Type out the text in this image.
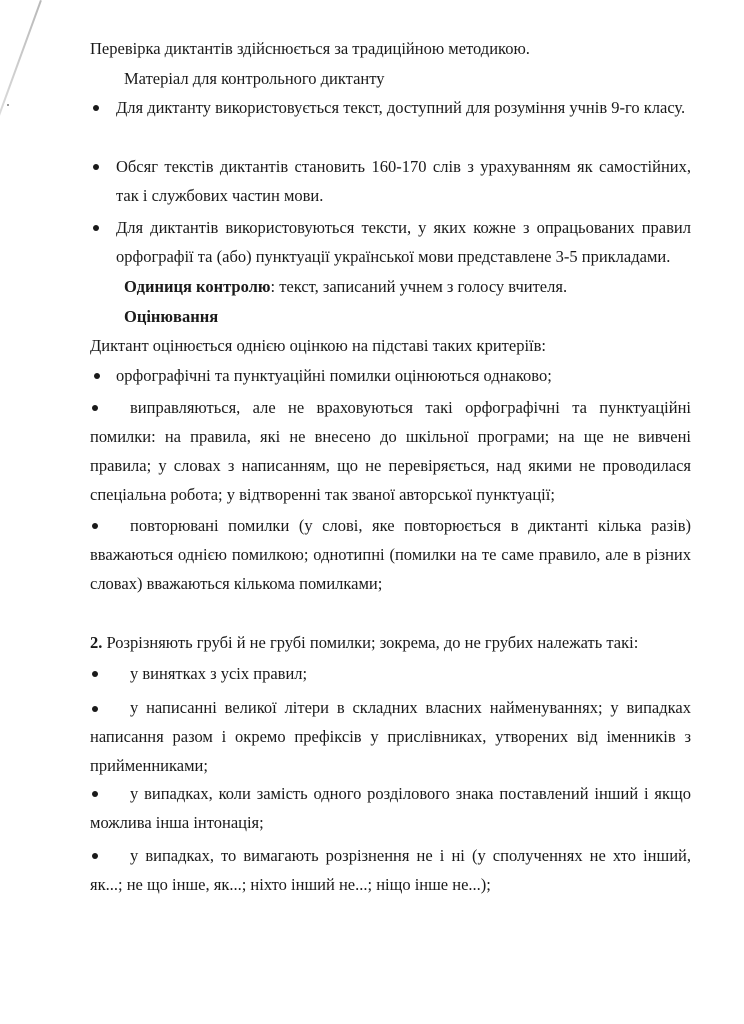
Перевірка диктантів здійснюється за традиційною методикою.

Матеріал для контрольного диктанту

Для диктанту використовується текст, доступний для розуміння учнів 9-го класу.

Обсяг текстів диктантів становить 160-170 слів з урахуванням як самостійних, так і службових частин мови.

Для диктантів використовуються тексти, у яких кожне з опрацьованих правил орфографії та (або) пунктуації української мови представлене 3-5 прикладами.

Одиниця контролю: текст, записаний учнем з голосу вчителя.

Оцінювання

Диктант оцінюється однією оцінкою на підставі таких критеріїв:

орфографічні та пунктуаційні помилки оцінюються однаково;

виправляються, але не враховуються такі орфографічні та пунктуаційні помилки: на правила, які не внесено до шкільної програми; на ще не вивчені правила; у словах з написанням, що не перевіряється, над якими не проводилася спеціальна робота; у відтворенні так званої авторської пунктуації;

повторювані помилки (у слові, яке повторюється в диктанті кілька разів) вважаються однією помилкою; однотипні (помилки на те саме правило, але в різних словах) вважаються кількома помилками;

2. Розрізняють грубі й не грубі помилки; зокрема, до не грубих належать такі:

у винятках з усіх правил;

у написанні великої літери в складних власних найменуваннях; у випадках написання разом і окремо префіксів у прислівниках, утворених від іменників з прийменниками;

у випадках, коли замість одного розділового знака поставлений інший і якщо можлива інша інтонація;

у випадках, то вимагають розрізнення не і ні (у сполученнях не хто інший, як...; не що інше, як...; ніхто інший не...; ніщо інше не...);
